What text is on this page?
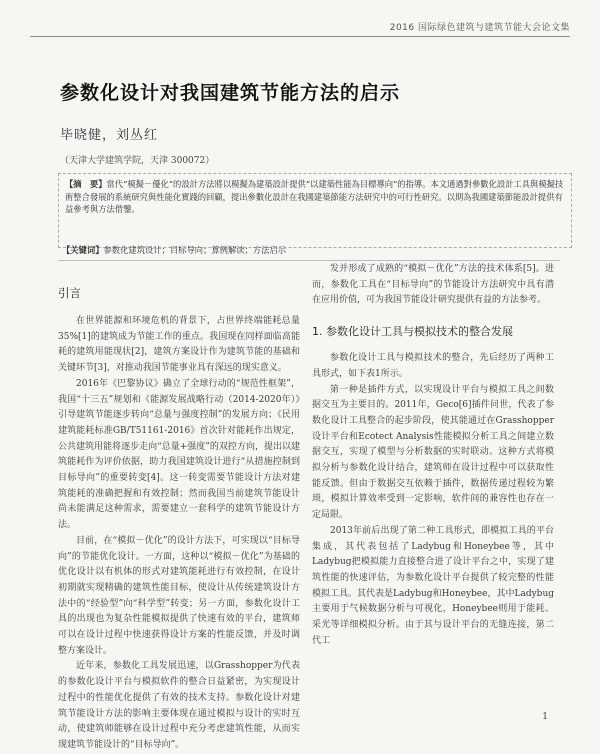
2016 国际绿色建筑与建筑节能大会论文集
参数化设计对我国建筑节能方法的启示
毕晓健，刘丛红
（天津大学建筑学院，天津 300072）
【摘　要】當代“模擬－優化”的設計方法將以模擬為建築設計提供“以建築性能為目標導向”的指導。本文通過對參數化設計工具與模擬技術整合發展的系統研究與性能化實踐的回顧，提出參數化設計在我國建築節能方法研究中的可行性研究。以期為我國建築節能設計提供有益參考與方法借鑒。
【关键词】参数化建筑设计；目标导向；算例解读；方法启示
引言

在世界能源和环境危机的背景下，占世界终端能耗总量35%[1]的建筑成为节能工作的重点。我国现在同样面临高能耗的建筑用能现状[2]，建筑方案设计作为建筑节能的基础和关键环节[3]，对推动我国节能事业具有深远的现实意义。

2016年《巴黎协议》确立了全球行动的“规范性框架”，我国“十三五”规划和《能源发展战略行动（2014-2020年）》引导建筑节能逐步转向“总量与强度控制”的发展方向；《民用建筑能耗标准GB/T51161-2016》首次针对能耗作出规定，公共建筑用能将逐步走向“总量+强度”的双控方向，提出以建筑能耗作为评价依据，助力我国建筑设计进行“从措施控制到目标导向”的重要转变[4]。这一转变需要节能设计方法对建筑能耗的准确把握和有效控制；然而我国当前建筑节能设计尚未能满足这种需求，需要建立一套科学的建筑节能设计方法。

目前，在“模拟－优化”的设计方法下，可实现以“目标导向”的节能优化设计。一方面，这种以“模拟－优化”为基础的优化设计以有机体的形式对建筑能耗进行有效控制，在设计初期就实现精确的建筑性能目标，使设计从传统建筑设计方法中的“经验型”向“科学型”转变；另一方面，参数化设计工具的出现也为复杂性能模拟提供了快速有效的平台，建筑师可以在设计过程中快速获得设计方案的性能反馈，并及时调整方案设计。

近年来，参数化工具发展迅速，以Grasshopper为代表的参数化设计平台与模拟软件的整合日益紧密，为实现设计过程中的性能优化提供了有效的技术支持。参数化设计对建筑节能设计方法的影响主要体现在通过模拟与设计的实时互动，使建筑师能够在设计过程中充分考虑建筑性能，从而实现建筑节能设计的“目标导向”。

发并形成了成熟的“模拟－优化”方法的技术体系[5]。进而，参数化工具在“目标导向”的节能设计方法研究中具有潜在应用价值，可为我国节能设计研究提供有益的方法参考。

1. 参数化设计工具与模拟技术的整合发展

参数化设计工具与模拟技术的整合，先后经历了两种工具形式，如下表1所示。

第一种是插件方式，以实现设计平台与模拟工具之间数据交互为主要目的。2011年，Geco[6]插件问世，代表了参数化设计工具整合的起步阶段，使其能通过在Grasshopper设计平台和Ecotect Analysis性能模拟分析工具之间建立数据交互，实现了模型与分析数据的实时联动。这种方式将模拟分析与参数化设计结合，建筑师在设计过程中可以获取性能反馈。但由于数据交互依赖于插件，数据传递过程较为繁琐，模拟计算效率受到一定影响，软件间的兼容性也存在一定局限。

2013年前后出现了第二种工具形式，即模拟工具的平台集成，其代表包括了Ladybug和Honeybee等，其中Ladybug把模拟能力直接整合进了设计平台之中，实现了建筑性能的快速评估，为参数化设计平台提供了较完整的性能模拟工具。其代表是Ladybug和Honeybee，其中Ladybug主要用于气候数据分析与可视化，Honeybee则用于能耗、采光等详细模拟分析。由于其与设计平台的无缝连接，第二代工

1
